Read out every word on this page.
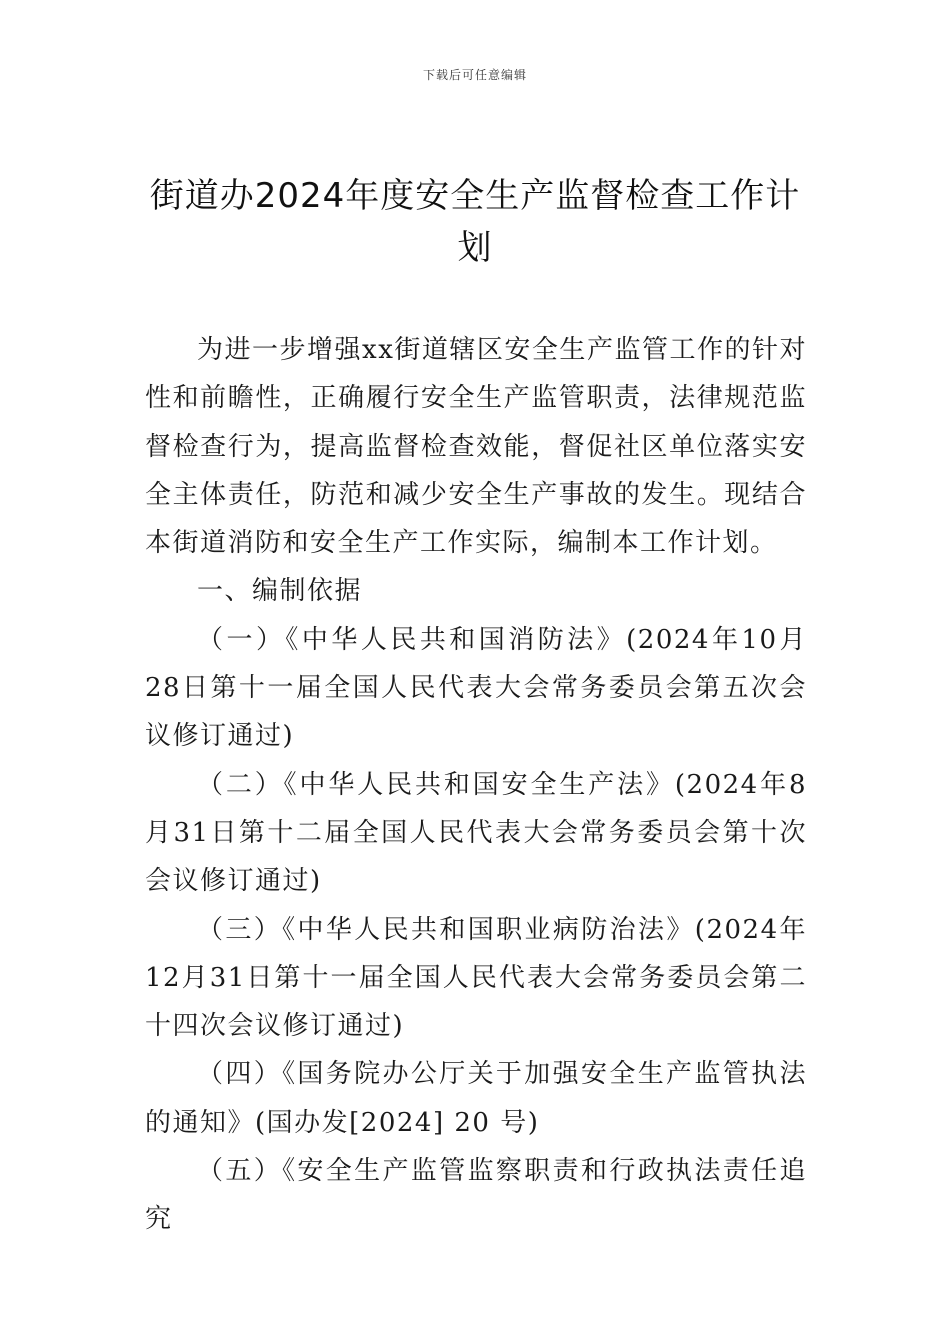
下载后可任意编辑
街道办2024年度安全生产监督检查工作计划

为进一步增强xx街道辖区安全生产监管工作的针对性和前瞻性，正确履行安全生产监管职责，法律规范监督检查行为，提高监督检查效能，督促社区单位落实安全主体责任，防范和减少安全生产事故的发生。现结合本街道消防和安全生产工作实际，编制本工作计划。

一、编制依据

（一）《中华人民共和国消防法》(2024年10月28日第十一届全国人民代表大会常务委员会第五次会议修订通过)

（二）《中华人民共和国安全生产法》(2024年8月31日第十二届全国人民代表大会常务委员会第十次会议修订通过)

（三）《中华人民共和国职业病防治法》(2024年12月31日第十一届全国人民代表大会常务委员会第二十四次会议修订通过)

（四）《国务院办公厅关于加强安全生产监管执法的通知》(国办发[2024] 20 号)

（五）《安全生产监管监察职责和行政执法责任追究
